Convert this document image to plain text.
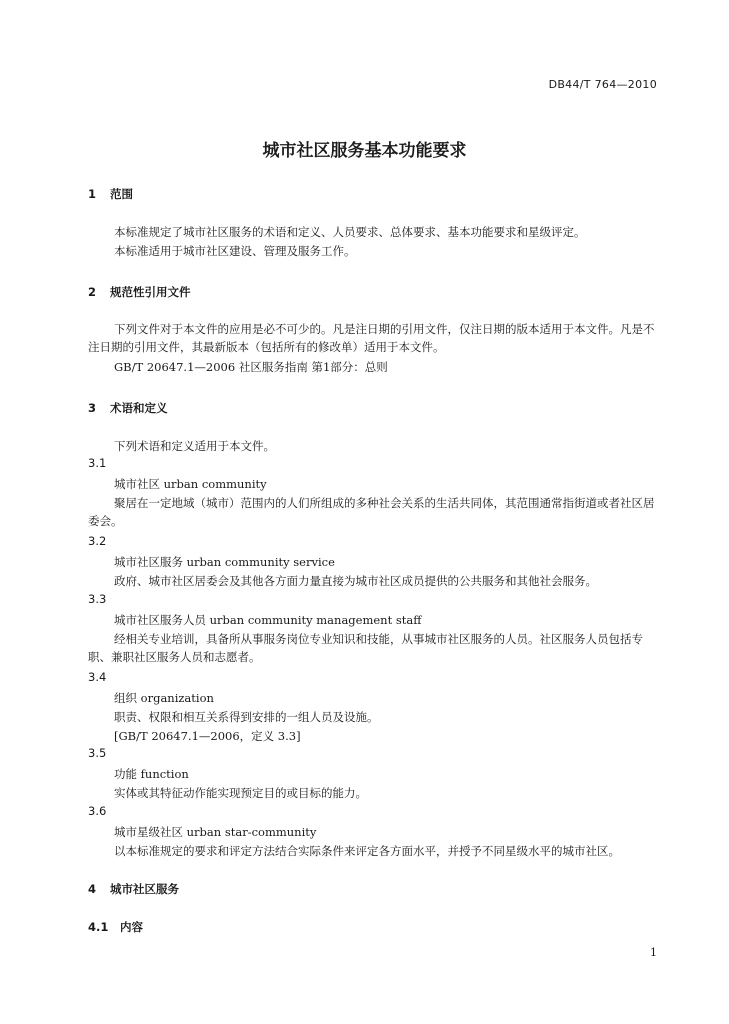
DB44/T 764—2010
城市社区服务基本功能要求
1 范围
本标准规定了城市社区服务的术语和定义、人员要求、总体要求、基本功能要求和星级评定。
本标准适用于城市社区建设、管理及服务工作。
2 规范性引用文件
下列文件对于本文件的应用是必不可少的。凡是注日期的引用文件，仅注日期的版本适用于本文件。凡是不注日期的引用文件，其最新版本（包括所有的修改单）适用于本文件。
GB/T 20647.1—2006 社区服务指南 第1部分：总则
3 术语和定义
下列术语和定义适用于本文件。
3.1
城市社区 urban community
聚居在一定地域（城市）范围内的人们所组成的多种社会关系的生活共同体，其范围通常指街道或者社区居委会。
3.2
城市社区服务 urban community service
政府、城市社区居委会及其他各方面力量直接为城市社区成员提供的公共服务和其他社会服务。
3.3
城市社区服务人员 urban community management staff
经相关专业培训，具备所从事服务岗位专业知识和技能，从事城市社区服务的人员。社区服务人员包括专职、兼职社区服务人员和志愿者。
3.4
组织 organization
职责、权限和相互关系得到安排的一组人员及设施。
[GB/T 20647.1—2006，定义 3.3]
3.5
功能 function
实体或其特征动作能实现预定目的或目标的能力。
3.6
城市星级社区 urban star-community
以本标准规定的要求和评定方法结合实际条件来评定各方面水平，并授予不同星级水平的城市社区。
4 城市社区服务
4.1 内容
1
